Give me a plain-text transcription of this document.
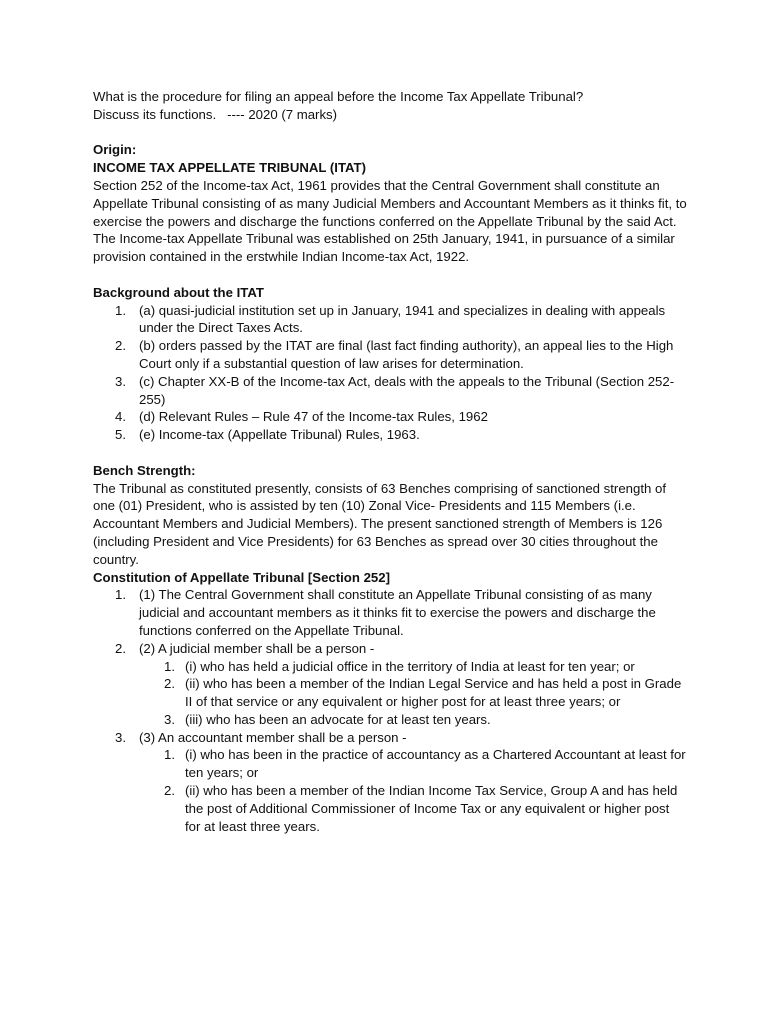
What is the procedure for filing an appeal before the Income Tax Appellate Tribunal?

Discuss its functions.   ---- 2020 (7 marks)

Origin:

INCOME TAX APPELLATE TRIBUNAL (ITAT)

Section 252 of the Income-tax Act, 1961 provides that the Central Government shall constitute an Appellate Tribunal consisting of as many Judicial Members and Accountant Members as it thinks fit, to exercise the powers and discharge the functions conferred on the Appellate Tribunal by the said Act. The Income-tax Appellate Tribunal was established on 25th January, 1941, in pursuance of a similar provision contained in the erstwhile Indian Income-tax Act, 1922.

Background about the ITAT

1. (a) quasi-judicial institution set up in January, 1941 and specializes in dealing with appeals under the Direct Taxes Acts.
2. (b) orders passed by the ITAT are final (last fact finding authority), an appeal lies to the High Court only if a substantial question of law arises for determination.
3. (c) Chapter XX-B of the Income-tax Act, deals with the appeals to the Tribunal (Section 252-255)
4. (d) Relevant Rules – Rule 47 of the Income-tax Rules, 1962
5. (e) Income-tax (Appellate Tribunal) Rules, 1963.

Bench Strength:

The Tribunal as constituted presently, consists of 63 Benches comprising of sanctioned strength of one (01) President, who is assisted by ten (10) Zonal Vice- Presidents and 115 Members (i.e. Accountant Members and Judicial Members). The present sanctioned strength of Members is 126 (including President and Vice Presidents) for 63 Benches as spread over 30 cities throughout the country.

Constitution of Appellate Tribunal [Section 252]

1. (1) The Central Government shall constitute an Appellate Tribunal consisting of as many judicial and accountant members as it thinks fit to exercise the powers and discharge the functions conferred on the Appellate Tribunal.
2. (2) A judicial member shall be a person -
1. (i) who has held a judicial office in the territory of India at least for ten year; or
2. (ii) who has been a member of the Indian Legal Service and has held a post in Grade II of that service or any equivalent or higher post for at least three years; or
3. (iii) who has been an advocate for at least ten years.
3. (3) An accountant member shall be a person -
1. (i) who has been in the practice of accountancy as a Chartered Accountant at least for ten years; or
2. (ii) who has been a member of the Indian Income Tax Service, Group A and has held the post of Additional Commissioner of Income Tax or any equivalent or higher post for at least three years.
